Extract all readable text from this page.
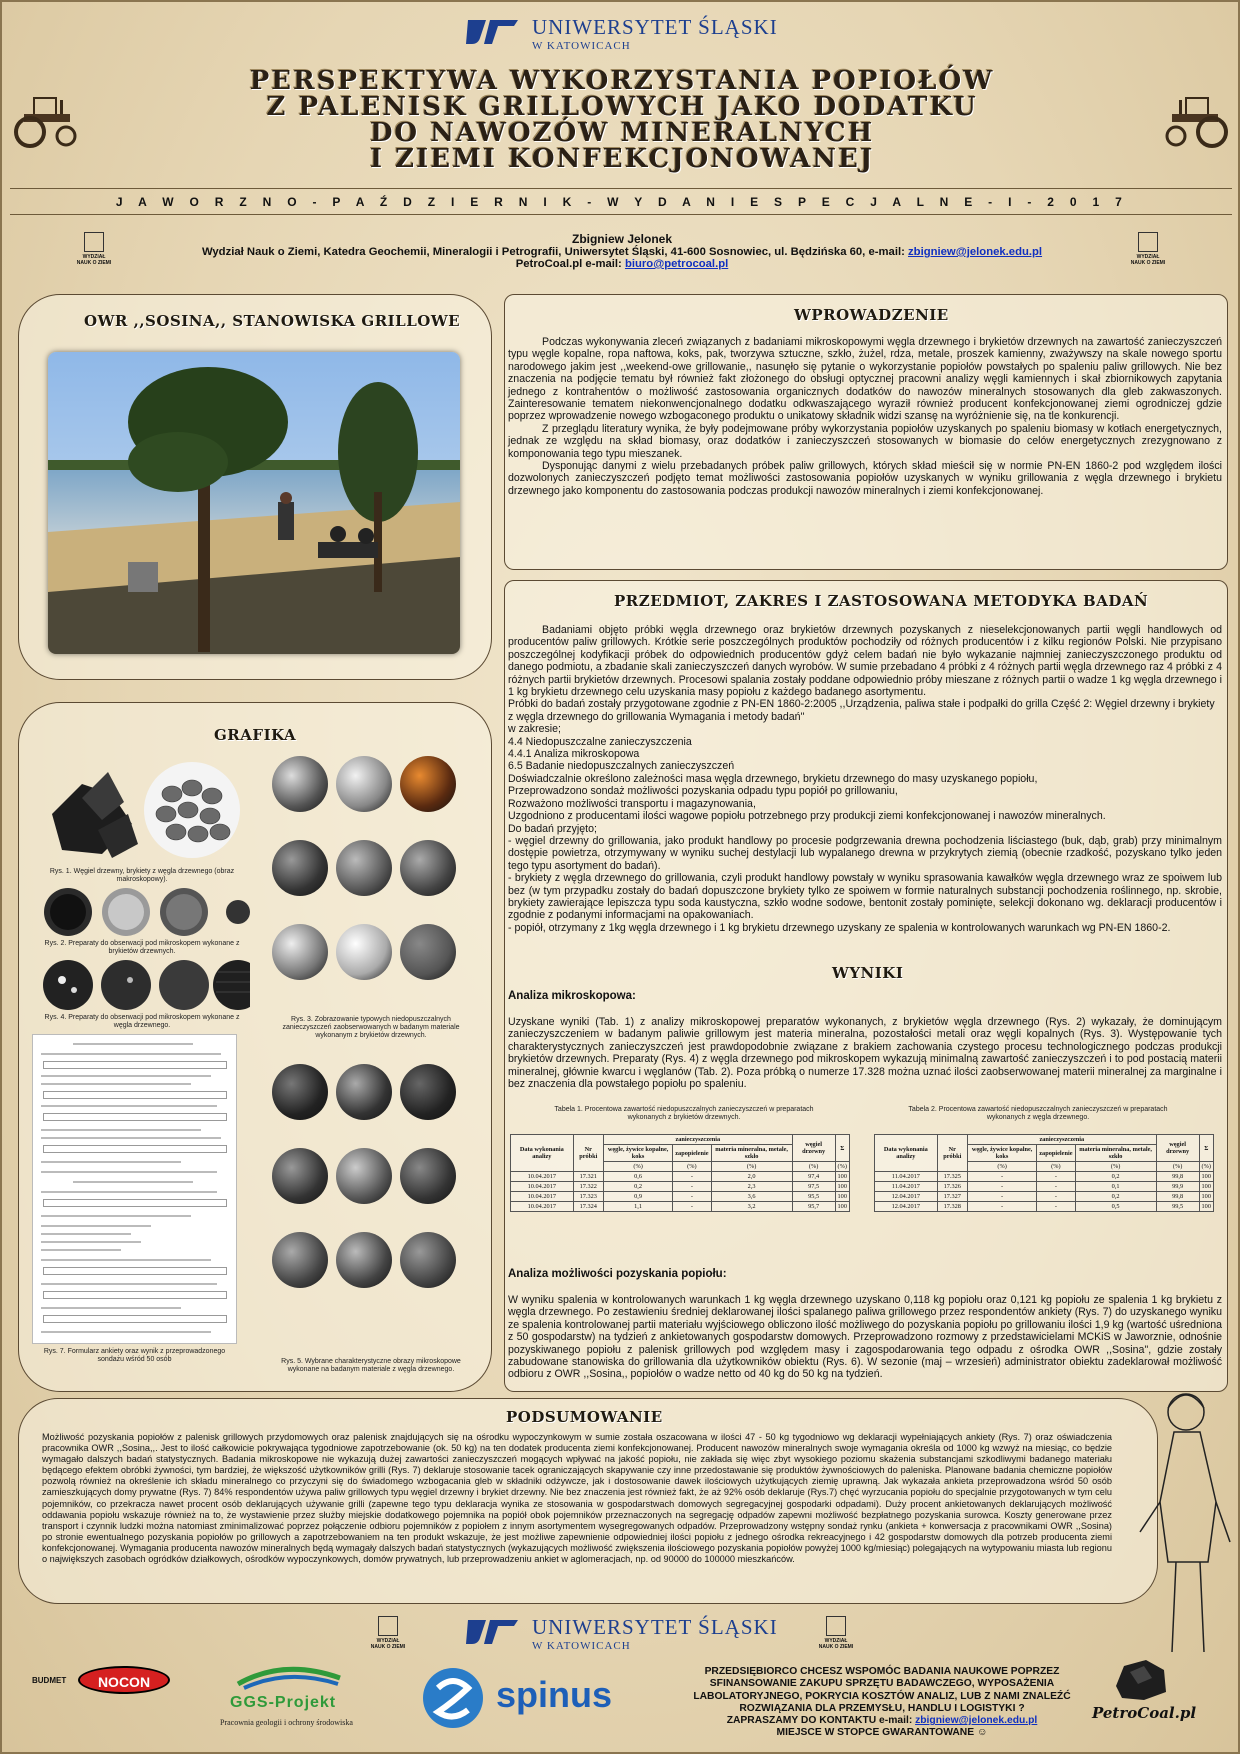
UNIWERSYTET ŚLĄSKI
W KATOWICACH
PERSPEKTYWA WYKORZYSTANIA POPIOŁÓW
Z PALENISK GRILLOWYCH JAKO DODATKU
DO NAWOZÓW MINERALNYCH
I ZIEMI KONFEKCJONOWANEJ
J A W O R Z N O - P A Ź D Z I E R N I K - W Y D A N I E S P E C J A L N E - I - 2 0 1 7
WYDZIAŁ
NAUK O ZIEMI
WYDZIAŁ
NAUK O ZIEMI
Zbigniew Jelonek
Wydział Nauk o Ziemi, Katedra Geochemii, Mineralogii i Petrografii, Uniwersytet Śląski, 41-600 Sosnowiec, ul. Będzińska 60, e-mail: zbigniew@jelonek.edu.pl
PetroCoal.pl e-mail: biuro@petrocoal.pl
OWR ,,SOSINA,, STANOWISKA GRILLOWE
GRAFIKA
Rys. 1. Węgiel drzewny, brykiety z węgla drzewnego (obraz makroskopowy).
Rys. 2. Preparaty do obserwacji pod mikroskopem wykonane z brykietów drzewnych.
Rys. 4. Preparaty do obserwacji pod mikroskopem wykonane z węgla drzewnego.
Rys. 7. Formularz ankiety oraz wynik z przeprowadzonego sondażu wśród 50 osób

Rys. 3. Zobrazowanie typowych niedopuszczalnych zanieczyszczeń zaobserwowanych w badanym materiale wykonanym z brykietów drzewnych.

Rys. 5. Wybrane charakterystyczne obrazy mikroskopowe wykonane na badanym materiale z węgla drzewnego.
WPROWADZENIE

Podczas wykonywania zleceń związanych z badaniami mikroskopowymi węgla drzewnego i brykietów drzewnych na zawartość zanieczyszczeń typu węgle kopalne, ropa naftowa, koks, pak, tworzywa sztuczne, szkło, żużel, rdza, metale, proszek kamienny, zważywszy na skale nowego sportu narodowego jakim jest ,,weekend-owe grillowanie,, nasunęło się pytanie o wykorzystanie popiołów powstałych po spaleniu paliw grillowych. Nie bez znaczenia na podjęcie tematu był również fakt złożonego do obsługi optycznej pracowni analizy węgli kamiennych i skał zbiornikowych zapytania jednego z kontrahentów o możliwość zastosowania organicznych dodatków do nawozów mineralnych stosowanych dla gleb zakwaszonych. Zainteresowanie tematem niekonwencjonalnego dodatku odkwaszającego wyraził również producent konfekcjonowanej ziemi ogrodniczej gdzie poprzez wprowadzenie nowego wzbogaconego produktu o unikatowy składnik widzi szansę na wyróżnienie się, na tle konkurencji.

Z przeglądu literatury wynika, że były podejmowane próby wykorzystania popiołów uzyskanych po spaleniu biomasy w kotłach energetycznych, jednak ze względu na skład biomasy, oraz dodatków i zanieczyszczeń stosowanych w biomasie do celów energetycznych zrezygnowano z komponowania tego typu mieszanek.

Dysponując danymi z wielu przebadanych próbek paliw grillowych, których skład mieścił się w normie PN-EN 1860-2 pod względem ilości dozwolonych zanieczyszczeń podjęto temat możliwości zastosowania popiołów uzyskanych w wyniku grillowania z węgla drzewnego i brykietu drzewnego jako komponentu do zastosowania podczas produkcji nawozów mineralnych i ziemi konfekcjonowanej.

PRZEDMIOT, ZAKRES I ZASTOSOWANA METODYKA BADAŃ

Badaniami objęto próbki węgla drzewnego oraz brykietów drzewnych pozyskanych z nieselekcjonowanych partii węgli handlowych od producentów paliw grillowych. Krótkie serie poszczególnych produktów pochodziły od różnych producentów i z kilku regionów Polski. Nie przypisano poszczególnej kodyfikacji próbek do odpowiednich producentów gdyż celem badań nie było wykazanie najmniej zanieczyszczonego produktu od danego podmiotu, a zbadanie skali zanieczyszczeń danych wyrobów. W sumie przebadano 4 próbki z 4 różnych partii węgla drzewnego raz 4 próbki z 4 różnych partii brykietów drzewnych. Procesowi spalania zostały poddane odpowiednio próby mieszane z różnych partii o wadze 1 kg węgla drzewnego i 1 kg brykietu drzewnego celu uzyskania masy popiołu z każdego badanego asortymentu.

Próbki do badań zostały przygotowane zgodnie z PN-EN 1860-2:2005 ,,Urządzenia, paliwa stałe i podpałki do grilla Część 2: Węgiel drzewny i brykiety z węgla drzewnego do grillowania Wymagania i metody badań"

w zakresie;

4.4 Niedopuszczalne zanieczyszczenia

4.4.1 Analiza mikroskopowa

6.5 Badanie niedopuszczalnych zanieczyszczeń

Doświadczalnie określono zależności masa węgla drzewnego, brykietu drzewnego do masy uzyskanego popiołu,

Przeprowadzono sondaż możliwości pozyskania odpadu typu popiół po grillowaniu,

Rozważono możliwości transportu i magazynowania,

Uzgodniono z producentami ilości wagowe popiołu potrzebnego przy produkcji ziemi konfekcjonowanej i nawozów mineralnych.

Do badań przyjęto;

- węgiel drzewny do grillowania, jako produkt handlowy po procesie podgrzewania drewna pochodzenia liściastego (buk, dąb, grab) przy minimalnym dostępie powietrza, otrzymywany w wyniku suchej destylacji lub wypalanego drewna w przykrytych ziemią (obecnie rzadkość, pozyskano tylko jeden tego typu asortyment do badań).

- brykiety z węgla drzewnego do grillowania, czyli produkt handlowy powstały w wyniku sprasowania kawałków węgla drzewnego wraz ze spoiwem lub bez (w tym przypadku zostały do badań dopuszczone brykiety tylko ze spoiwem w formie naturalnych substancji pochodzenia roślinnego, np. skrobie, brykiety zawierające lepiszcza typu soda kaustyczna, szkło wodne sodowe, bentonit zostały pominięte, selekcji dokonano wg. deklaracji producentów i zgodnie z podanymi informacjami na opakowaniach.

- popiół, otrzymany z 1kg węgla drzewnego i 1 kg brykietu drzewnego uzyskany ze spalenia w kontrolowanych warunkach wg PN-EN 1860-2.

WYNIKI
Analiza mikroskopowa:

Uzyskane wyniki (Tab. 1) z analizy mikroskopowej preparatów wykonanych, z brykietów węgla drzewnego (Rys. 2) wykazały, że dominującym zanieczyszczeniem w badanym paliwie grillowym jest materia mineralna, pozostałości metali oraz węgli kopalnych (Rys. 3). Występowanie tych charakterystycznych zanieczyszczeń jest prawdopodobnie związane z brakiem zachowania czystego procesu technologicznego podczas produkcji brykietów drzewnych. Preparaty (Rys. 4) z węgla drzewnego pod mikroskopem wykazują minimalną zawartość zanieczyszczeń i to pod postacią materii mineralnej, głównie kwarcu i węglanów (Tab. 2). Poza próbką o numerze 17.328 można uznać ilości zaobserwowanej materii mineralnej za marginalne i bez znaczenia dla powstałego popiołu po spaleniu.

Tabela 1. Procentowa zawartość niedopuszczalnych zanieczyszczeń w preparatach wykonanych z brykietów drzewnych.
Data wykonania analizy	Nr próbki	zanieczyszczenia			węgiel drzewny	Σ
		węgle, żywice kopalne, koks	zapopielenie	materia mineralna, metale, szkło		
		(%)	(%)	(%)	(%)	(%)
10.04.2017	17.321	0,6	-	2,0	97,4	100
10.04.2017	17.322	0,2	-	2,3	97,5	100
10.04.2017	17.323	0,9	-	3,6	95,5	100
10.04.2017	17.324	1,1	-	3,2	95,7	100
Tabela 2. Procentowa zawartość niedopuszczalnych zanieczyszczeń w preparatach wykonanych z węgla drzewnego.
Data wykonania analizy	Nr próbki	zanieczyszczenia			węgiel drzewny	Σ
		węgle, żywice kopalne, koks	zapopielenie	materia mineralna, metale, szkło		
		(%)	(%)	(%)	(%)	(%)
11.04.2017	17.325	-	-	0,2	99,8	100
11.04.2017	17.326	-	-	0,1	99,9	100
12.04.2017	17.327	-	-	0,2	99,8	100
12.04.2017	17.328	-	-	0,5	99,5	100
Analiza możliwości pozyskania popiołu:

W wyniku spalenia w kontrolowanych warunkach 1 kg węgla drzewnego uzyskano 0,118 kg popiołu oraz 0,121 kg popiołu ze spalenia 1 kg brykietu z węgla drzewnego. Po zestawieniu średniej deklarowanej ilości spalanego paliwa grillowego przez respondentów ankiety (Rys. 7) do uzyskanego wyniku ze spalenia kontrolowanej partii materiału wyjściowego obliczono ilość możliwego do pozyskania popiołu po grillowaniu ilości 1,9 kg (wartość uśredniona z 50 gospodarstw) na tydzień z ankietowanych gospodarstw domowych. Przeprowadzono rozmowy z przedstawicielami MCKiS w Jaworznie, odnośnie pozyskiwanego popiołu z palenisk grillowych pod względem masy i zagospodarowania tego odpadu z ośrodka OWR ,,Sosina", gdzie zostały zabudowane stanowiska do grillowania dla użytkowników obiektu (Rys. 6). W sezonie (maj – wrzesień) administrator obiektu zadeklarował możliwość odbioru z OWR ,,Sosina,, popiołów o wadze netto od 40 kg do 50 kg na tydzień.

PODSUMOWANIE

Możliwość pozyskania popiołów z palenisk grillowych przydomowych oraz palenisk znajdujących się na ośrodku wypoczynkowym w sumie została oszacowana w ilości 47 - 50 kg tygodniowo wg deklaracji wypełniających ankiety (Rys. 7) oraz oświadczenia pracownika OWR ,,Sosina,,. Jest to ilość całkowicie pokrywająca tygodniowe zapotrzebowanie (ok. 50 kg) na ten dodatek producenta ziemi konfekcjonowanej. Producent nawozów mineralnych swoje wymagania określa od 1000 kg wzwyż na miesiąc, co będzie wymagało dalszych badań statystycznych. Badania mikroskopowe nie wykazują dużej zawartości zanieczyszczeń mogących wpływać na jakość popiołu, nie zakłada się więc zbyt wysokiego poziomu skażenia substancjami szkodliwymi badanego materiału będącego efektem obróbki żywności, tym bardziej, że większość użytkowników grilli (Rys. 7) deklaruje stosowanie tacek ograniczających skapywanie czy inne przedostawanie się produktów żywnościowych do paleniska. Planowane badania chemiczne popiołów pozwolą również na określenie ich składu mineralnego co przyczyni się do świadomego wzbogacania gleb w składniki odżywcze, jak i dostosowanie dawek ilościowych użytkujących ziemię uprawną. Jak wykazała ankieta przeprowadzona wśród 50 osób zamieszkujących domy prywatne (Rys. 7) 84% respondentów używa paliw grillowych typu węgiel drzewny i brykiet drzewny. Nie bez znaczenia jest również fakt, że aż 92% osób deklaruje (Rys.7) chęć wyrzucania popiołu do specjalnie przygotowanych w tym celu pojemników, co przekracza nawet procent osób deklarujących używanie grilli (zapewne tego typu deklaracja wynika ze stosowania w gospodarstwach domowych segregacyjnej gospodarki odpadami). Duży procent ankietowanych deklarujących możliwość oddawania popiołu wskazuje również na to, że wystawienie przez służby miejskie dodatkowego pojemnika na popiół obok pojemników przeznaczonych na segregację odpadów zapewni możliwość bezpłatnego pozyskania surowca. Koszty generowane przez transport i czynnik ludzki można natomiast zminimalizować poprzez połączenie odbioru pojemników z popiołem z innym asortymentem wysegregowanych odpadów. Przeprowadzony wstępny sondaż rynku (ankieta + konwersacja z pracownikami OWR ,,Sosina) po stronie ewentualnego pozyskania popiołów po grillowych a zapotrzebowaniem na ten produkt wskazuje, że jest możliwe zapewnienie odpowiedniej ilości popiołu z jednego ośrodka rekreacyjnego i 42 gospodarstw domowych dla potrzeb producenta ziemi konfekcjonowanej. Wymagania producenta nawozów mineralnych będą wymagały dalszych badań statystycznych (wykazujących możliwość zwiększenia ilościowego pozyskania popiołów powyżej 1000 kg/miesiąc) polegających na wytypowaniu miasta lub regionu o największych zasobach ogródków działkowych, ośrodków wypoczynkowych, domów prywatnych, lub przeprowadzeniu ankiet w aglomeracjach, np. od 90000 do 100000 mieszkańców.

UNIWERSYTET ŚLĄSKI
W KATOWICACH
WYDZIAŁ
NAUK O ZIEMI
WYDZIAŁ
NAUK O ZIEMI
BUDMET	NOCON
GGS-Projekt
Pracownia geologii i ochrony środowiska
spinus
PRZEDSIĘBIORCO CHCESZ WSPOMÓC BADANIA NAUKOWE POPRZEZ
SFINANSOWANIE ZAKUPU SPRZĘTU BADAWCZEGO, WYPOSAŻENIA
LABOLATORYJNEGO, POKRYCIA KOSZTÓW ANALIZ, LUB Z NAMI ZNALEŹĆ
ROZWIĄZANIA DLA PRZEMYSŁU, HANDLU I LOGISTYKI ?
ZAPRASZAMY DO KONTAKTU e-mail: zbigniew@jelonek.edu.pl
MIEJSCE W STOPCE GWARANTOWANE ☺
PetroCoal.pl
